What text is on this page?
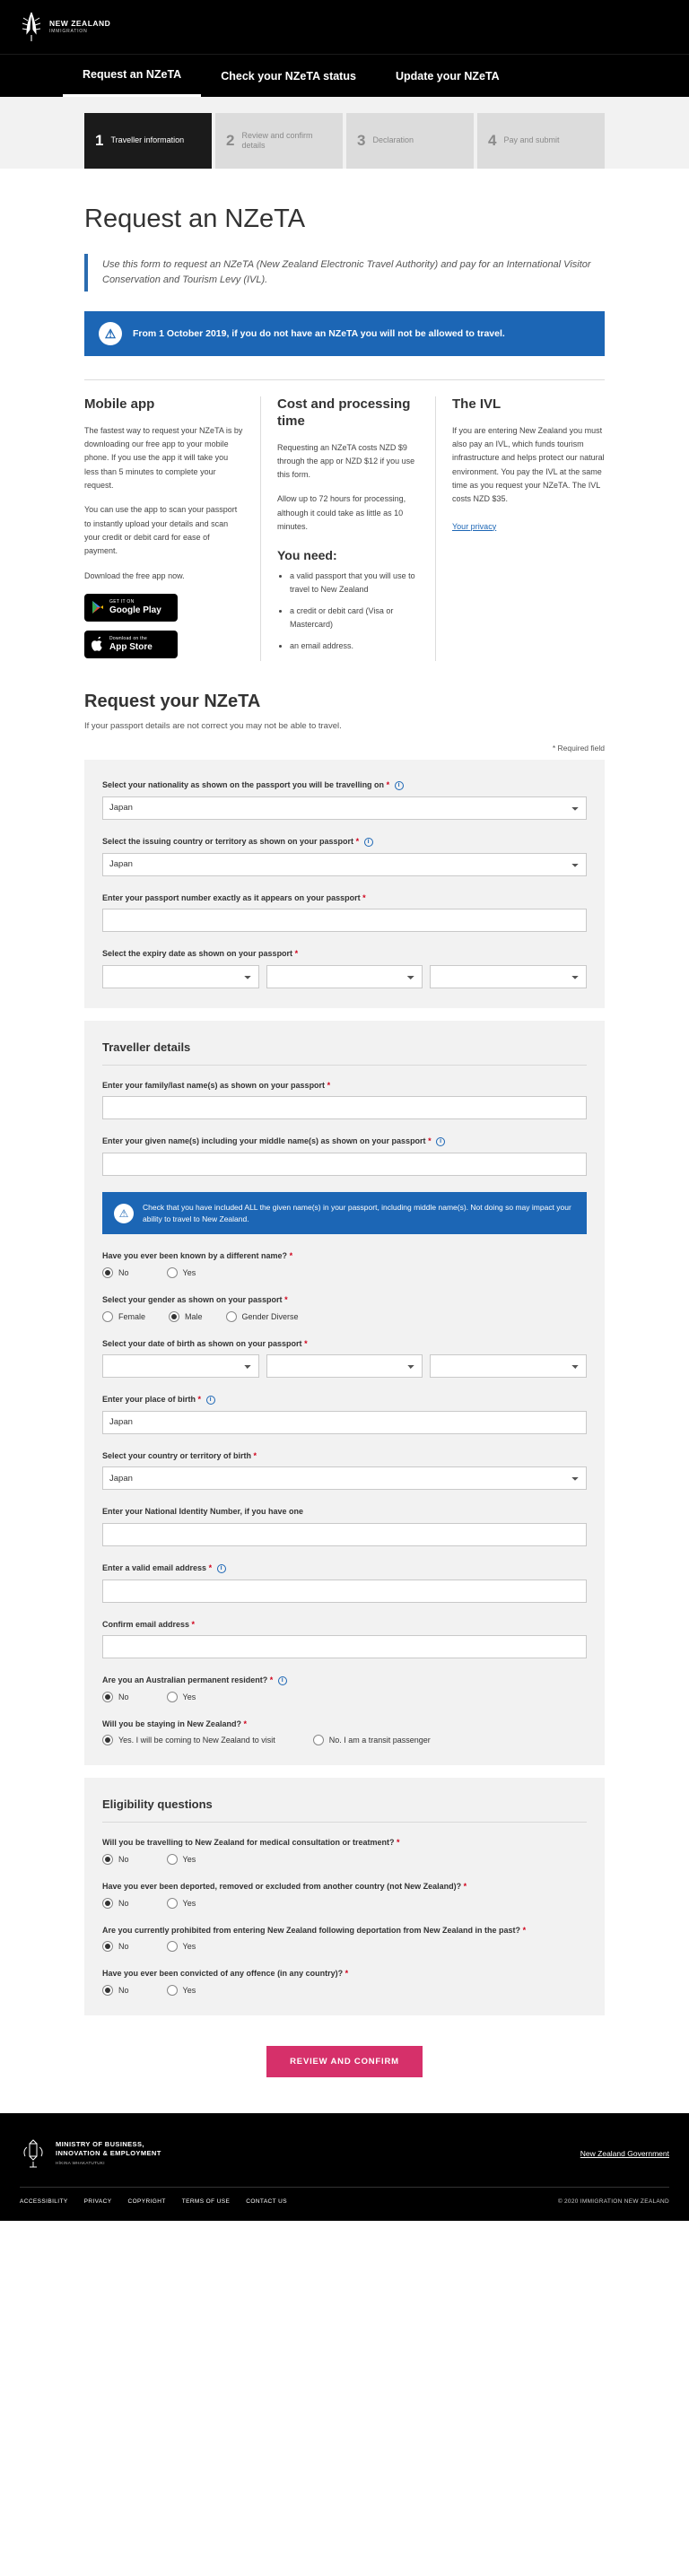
NEW ZEALAND
IMMIGRATION
Request an NZeTA	Check your NZeTA status	Update your NZeTA
1 Traveller information	2 Review and confirm details	3 Declaration	4 Pay and submit
Request an NZeTA
Use this form to request an NZeTA (New Zealand Electronic Travel Authority) and pay for an International Visitor Conservation and Tourism Levy (IVL).
⚠	From 1 October 2019, if you do not have an NZeTA you will not be allowed to travel.
Mobile app

The fastest way to request your NZeTA is by downloading our free app to your mobile phone. If you use the app it will take you less than 5 minutes to complete your request.

You can use the app to scan your passport to instantly upload your details and scan your credit or debit card for ease of payment.

Download the free app now.

GET IT ON
Google Play
Download on the
App Store
Cost and processing time

Requesting an NZeTA costs NZD $9 through the app or NZD $12 if you use this form.

Allow up to 72 hours for processing, although it could take as little as 10 minutes.

You need:
• a valid passport that you will use to travel to New Zealand
• a credit or debit card (Visa or Mastercard)
• an email address.
The IVL

If you are entering New Zealand you must also pay an IVL, which funds tourism infrastructure and helps protect our natural environment. You pay the IVL at the same time as you request your NZeTA. The IVL costs NZD $35.

Your privacy
Request your NZeTA

If your passport details are not correct you may not be able to travel.

* Required field

Select your nationality as shown on the passport you will be travelling on * i
Japan
Select the issuing country or territory as shown on your passport * i
Japan
Enter your passport number exactly as it appears on your passport *
Select the expiry date as shown on your passport *
Traveller details
Enter your family/last name(s) as shown on your passport *
Enter your given name(s) including your middle name(s) as shown on your passport * i
⚠	Check that you have included ALL the given name(s) in your passport, including middle name(s). Not doing so may impact your ability to travel to New Zealand.
Have you ever been known by a different name? *
No	Yes
Select your gender as shown on your passport *
Female	Male	Gender Diverse
Select your date of birth as shown on your passport *
Enter your place of birth * i
Japan
Select your country or territory of birth *
Japan
Enter your National Identity Number, if you have one
Enter a valid email address * i
Confirm email address *
Are you an Australian permanent resident? * i
No	Yes
Will you be staying in New Zealand? *
Yes. I will be coming to New Zealand to visit	No. I am a transit passenger
Eligibility questions
Will you be travelling to New Zealand for medical consultation or treatment? *
No	Yes
Have you ever been deported, removed or excluded from another country (not New Zealand)? *
No	Yes
Are you currently prohibited from entering New Zealand following deportation from New Zealand in the past? *
No	Yes
Have you ever been convicted of any offence (in any country)? *
No	Yes
REVIEW AND CONFIRM
MINISTRY OF BUSINESS,
INNOVATION & EMPLOYMENT
HĪKINA WHAKATUTUKI
New Zealand Government
ACCESSIBILITY	PRIVACY	COPYRIGHT	TERMS OF USE	CONTACT US	© 2020 IMMIGRATION NEW ZEALAND
